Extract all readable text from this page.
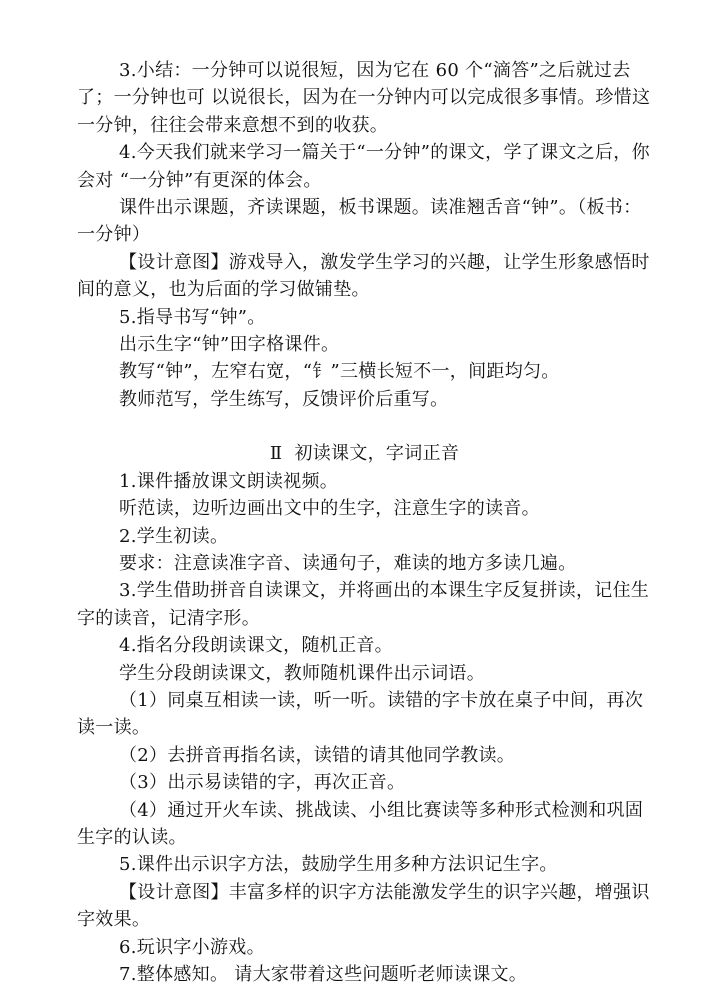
3.小结：一分钟可以说很短，因为它在 60 个“滴答”之后就过去了；一分钟也可 以说很长，因为在一分钟内可以完成很多事情。珍惜这一分钟，往往会带来意想不到的收获。

4.今天我们就来学习一篇关于“一分钟”的课文，学了课文之后，你会对 “一分钟”有更深的体会。

课件出示课题，齐读课题，板书课题。读准翘舌音“钟”。（板书：一分钟）

【设计意图】游戏导入，激发学生学习的兴趣，让学生形象感悟时间的意义，也为后面的学习做铺垫。

5.指导书写“钟”。

出示生字“钟”田字格课件。

教写“钟”，左窄右宽，“钅”三横长短不一，间距均匀。

教师范写，学生练写，反馈评价后重写。

Ⅱ 初读课文，字词正音

1.课件播放课文朗读视频。

听范读，边听边画出文中的生字，注意生字的读音。

2.学生初读。

要求：注意读准字音、读通句子，难读的地方多读几遍。

3.学生借助拼音自读课文，并将画出的本课生字反复拼读，记住生字的读音，记清字形。

4.指名分段朗读课文，随机正音。

学生分段朗读课文，教师随机课件出示词语。

（1）同桌互相读一读，听一听。读错的字卡放在桌子中间，再次读一读。

（2）去拼音再指名读，读错的请其他同学教读。

（3）出示易读错的字，再次正音。

（4）通过开火车读、挑战读、小组比赛读等多种形式检测和巩固生字的认读。

5.课件出示识字方法，鼓励学生用多种方法识记生字。

【设计意图】丰富多样的识字方法能激发学生的识字兴趣，增强识字效果。

6.玩识字小游戏。

7.整体感知。 请大家带着这些问题听老师读课文。
